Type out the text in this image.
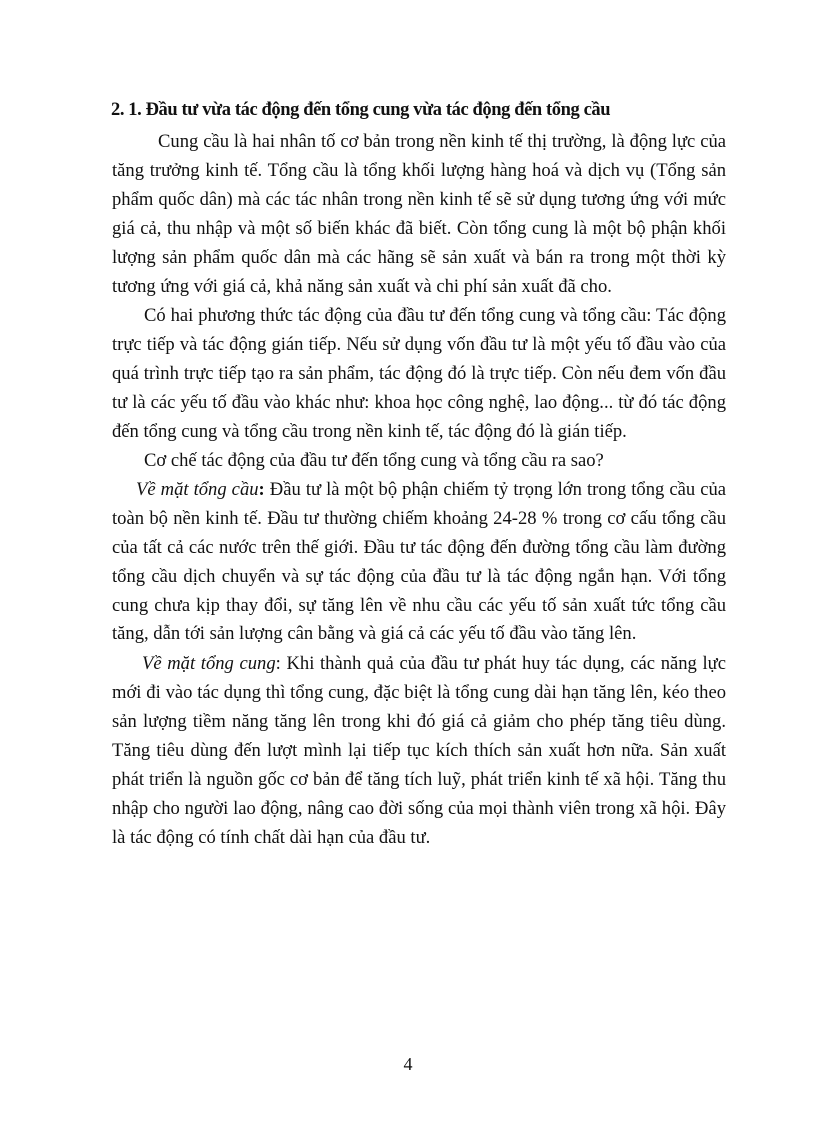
2. 1. Đầu tư vừa tác động đến tổng cung vừa tác động đến tổng cầu

Cung cầu là hai nhân tố cơ bản trong nền kinh tế thị trường, là động lực của tăng trưởng kinh tế. Tổng cầu là tổng khối lượng hàng hoá và dịch vụ (Tổng sản phẩm quốc dân) mà các tác nhân trong nền kinh tế sẽ sử dụng tương ứng với mức giá cả, thu nhập và một số biến khác đã biết. Còn tổng cung là một bộ phận khối lượng sản phẩm quốc dân mà các hãng sẽ sản xuất và bán ra trong một thời kỳ tương ứng với giá cả, khả năng sản xuất và chi phí sản xuất đã cho.

Có hai phương thức tác động của đầu tư đến tổng cung và tổng cầu: Tác động trực tiếp và tác động gián tiếp. Nếu sử dụng vốn đầu tư là một yếu tố đầu vào của quá trình trực tiếp tạo ra sản phẩm, tác động đó là trực tiếp. Còn nếu đem vốn đầu tư là các yếu tố đầu vào khác như: khoa học công nghệ, lao động... từ đó tác động đến tổng cung và tổng cầu trong nền kinh tế, tác động đó là gián tiếp.

Cơ chế tác động của đầu tư đến tổng cung và tổng cầu ra sao?

Về mặt tổng cầu: Đầu tư là một bộ phận chiếm tỷ trọng lớn trong tổng cầu của toàn bộ nền kinh tế. Đầu tư thường chiếm khoảng 24-28 % trong cơ cấu tổng cầu của tất cả các nước trên thế giới. Đầu tư tác động đến đường tổng cầu làm đường tổng cầu dịch chuyển và sự tác động của đầu tư là tác động ngắn hạn. Với tổng cung chưa kịp thay đổi, sự tăng lên về nhu cầu các yếu tố sản xuất tức tổng cầu tăng, dẫn tới sản lượng cân bằng và giá cả các yếu tố đầu vào tăng lên.

Về mặt tổng cung: Khi thành quả của đầu tư phát huy tác dụng, các năng lực mới đi vào tác dụng thì tổng cung, đặc biệt là tổng cung dài hạn tăng lên, kéo theo sản lượng tiềm năng tăng lên trong khi đó giá cả giảm cho phép tăng tiêu dùng. Tăng tiêu dùng đến lượt mình lại tiếp tục kích thích sản xuất hơn nữa. Sản xuất phát triển là nguồn gốc cơ bản để tăng tích luỹ, phát triển kinh tế xã hội. Tăng thu nhập cho người lao động, nâng cao đời sống của mọi thành viên trong xã hội. Đây là tác động có tính chất dài hạn của đầu tư.

4
